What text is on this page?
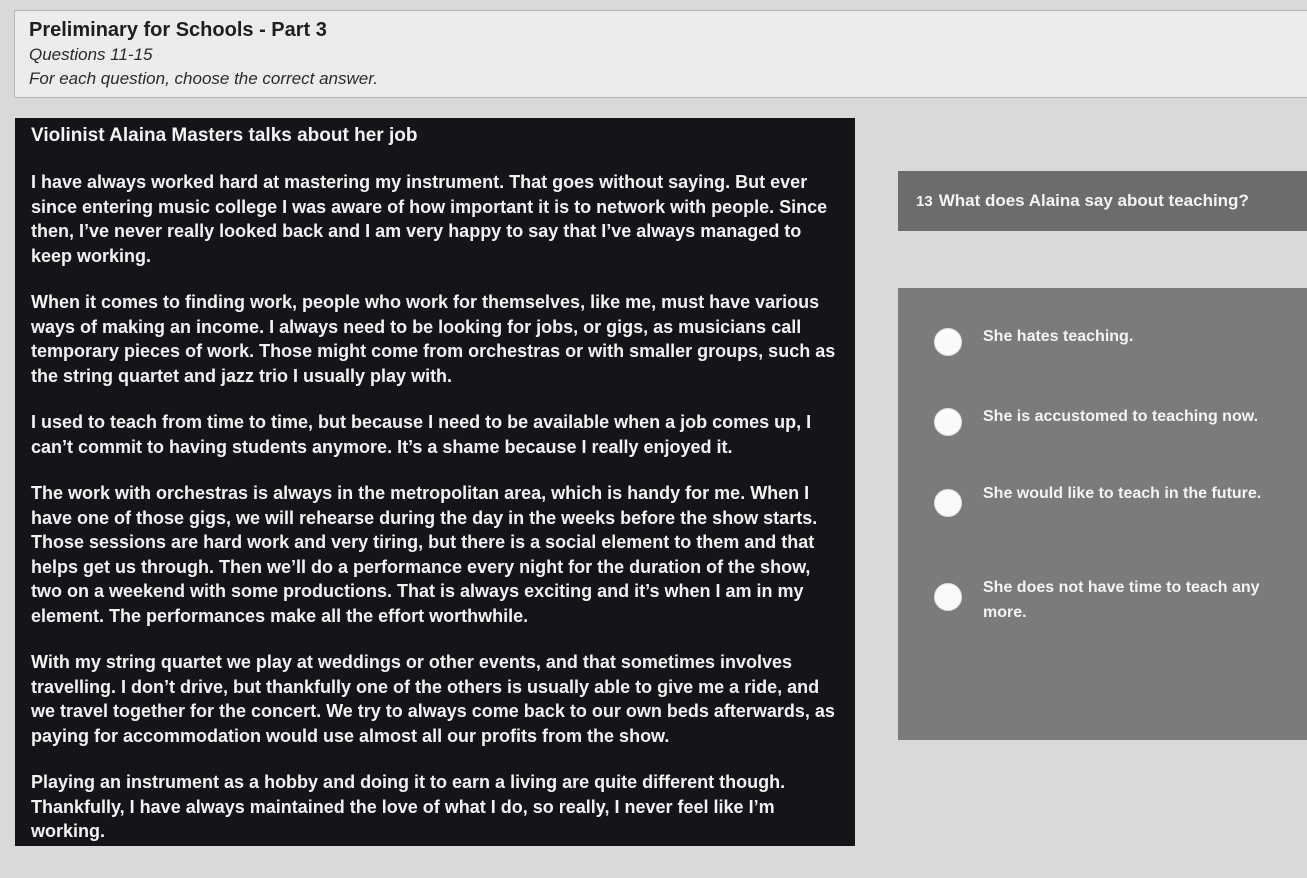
Preliminary for Schools - Part 3
Questions 11-15
For each question, choose the correct answer.
Violinist Alaina Masters talks about her job
I have always worked hard at mastering my instrument. That goes without saying. But ever since entering music college I was aware of how important it is to network with people. Since then, I’ve never really looked back and I am very happy to say that I’ve always managed to keep working.
When it comes to finding work, people who work for themselves, like me, must have various ways of making an income. I always need to be looking for jobs, or gigs, as musicians call temporary pieces of work. Those might come from orchestras or with smaller groups, such as the string quartet and jazz trio I usually play with.
I used to teach from time to time, but because I need to be available when a job comes up, I can’t commit to having students anymore. It’s a shame because I really enjoyed it.
The work with orchestras is always in the metropolitan area, which is handy for me. When I have one of those gigs, we will rehearse during the day in the weeks before the show starts. Those sessions are hard work and very tiring, but there is a social element to them and that helps get us through. Then we’ll do a performance every night for the duration of the show, two on a weekend with some productions. That is always exciting and it’s when I am in my element. The performances make all the effort worthwhile.
With my string quartet we play at weddings or other events, and that sometimes involves travelling. I don’t drive, but thankfully one of the others is usually able to give me a ride, and we travel together for the concert. We try to always come back to our own beds afterwards, as paying for accommodation would use almost all our profits from the show.
Playing an instrument as a hobby and doing it to earn a living are quite different though. Thankfully, I have always maintained the love of what I do, so really, I never feel like I’m working.
13 What does Alaina say about teaching?
She hates teaching.
She is accustomed to teaching now.
She would like to teach in the future.
She does not have time to teach any more.
